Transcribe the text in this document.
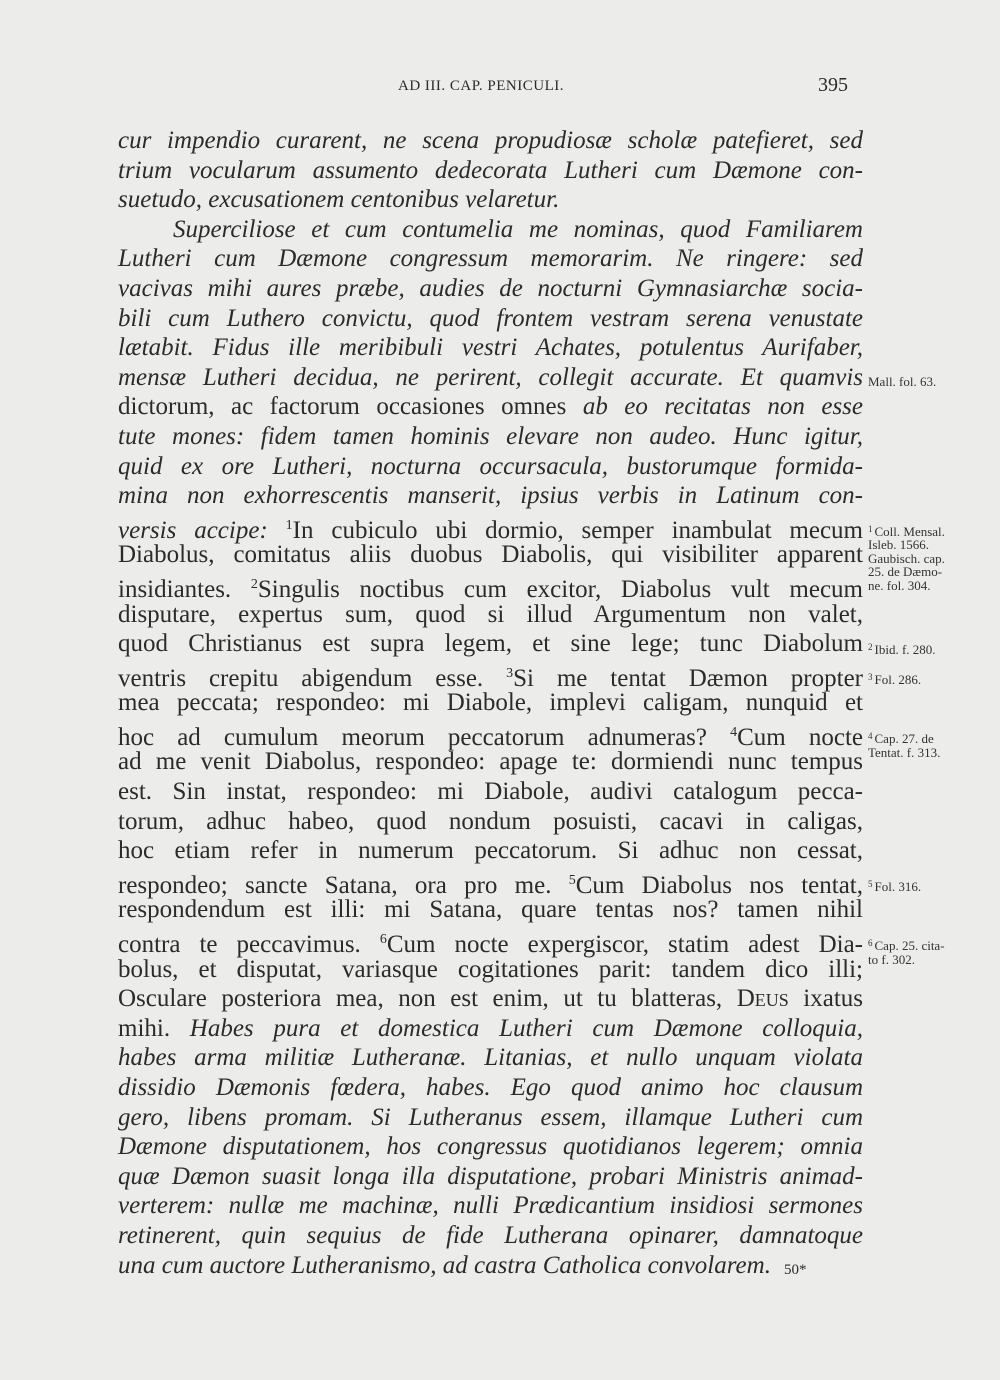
AD III. CAP. PENICULI.	395
cur impendio curarent, ne scena propudiosæ scholæ patefieret, sed
trium vocularum assumento dedecorata Lutheri cum Dæmone con-
suetudo, excusationem centonibus velaretur.
Superciliose et cum contumelia me nominas, quod Familiarem
Lutheri cum Dæmone congressum memorarim. Ne ringere: sed
vacivas mihi aures præbe, audies de nocturni Gymnasiarchæ socia-
bili cum Luthero convictu, quod frontem vestram serena venustate
lætabit. Fidus ille meribibuli vestri Achates, potulentus Aurifaber,
mensæ Lutheri decidua, ne perirent, collegit accurate. Et quamvis
dictorum, ac factorum occasiones omnes ab eo recitatas non esse
tute mones: fidem tamen hominis elevare non audeo. Hunc igitur,
quid ex ore Lutheri, nocturna occursacula, bustorumque formida-
mina non exhorrescentis manserit, ipsius verbis in Latinum con-
versis accipe: $^1$In cubiculo ubi dormio, semper inambulat mecum
Diabolus, comitatus aliis duobus Diabolis, qui visibiliter apparent
insidiantes. $^2$Singulis noctibus cum excitor, Diabolus vult mecum
disputare, expertus sum, quod si illud Argumentum non valet,
quod Christianus est supra legem, et sine lege; tunc Diabolum
ventris crepitu abigendum esse. $^3$Si me tentat Dæmon propter
mea peccata; respondeo: mi Diabole, implevi caligam, nunquid et
hoc ad cumulum meorum peccatorum adnumeras? $^4$Cum nocte
ad me venit Diabolus, respondeo: apage te: dormiendi nunc tempus
est. Sin instat, respondeo: mi Diabole, audivi catalogum pecca-
torum, adhuc habeo, quod nondum posuisti, cacavi in caligas,
hoc etiam refer in numerum peccatorum. Si adhuc non cessat,
respondeo; sancte Satana, ora pro me. $^5$Cum Diabolus nos tentat,
respondendum est illi: mi Satana, quare tentas nos? tamen nihil
contra te peccavimus. $^6$Cum nocte expergiscor, statim adest Dia-
bolus, et disputat, variasque cogitationes parit: tandem dico illi;
Osculare posteriora mea, non est enim, ut tu blatteras, Deus ixatus
mihi. Habes pura et domestica Lutheri cum Dæmone colloquia,
habes arma militiæ Lutheranæ. Litanias, et nullo unquam violata
dissidio Dæmonis fœdera, habes. Ego quod animo hoc clausum
gero, libens promam. Si Lutheranus essem, illamque Lutheri cum
Dæmone disputationem, hos congressus quotidianos legerem; omnia
quæ Dæmon suasit longa illa disputatione, probari Ministris animad-
verterem: nullæ me machinæ, nulli Prædicantium insidiosi sermones
retinerent, quin sequius de fide Lutherana opinarer, damnatoque
una cum auctore Lutheranismo, ad castra Catholica convolarem.
Mall. fol. 63.
$^1$ Coll. Mensal.
Isleb. 1566.
Gaubisch. cap.
25. de Dæmo-
ne. fol. 304.
$^2$ Ibid. f. 280.
$^3$ Fol. 286.
$^4$ Cap. 27. de
Tentat. f. 313.
$^5$ Fol. 316.
$^6$ Cap. 25. cita-
to f. 302.
50*
